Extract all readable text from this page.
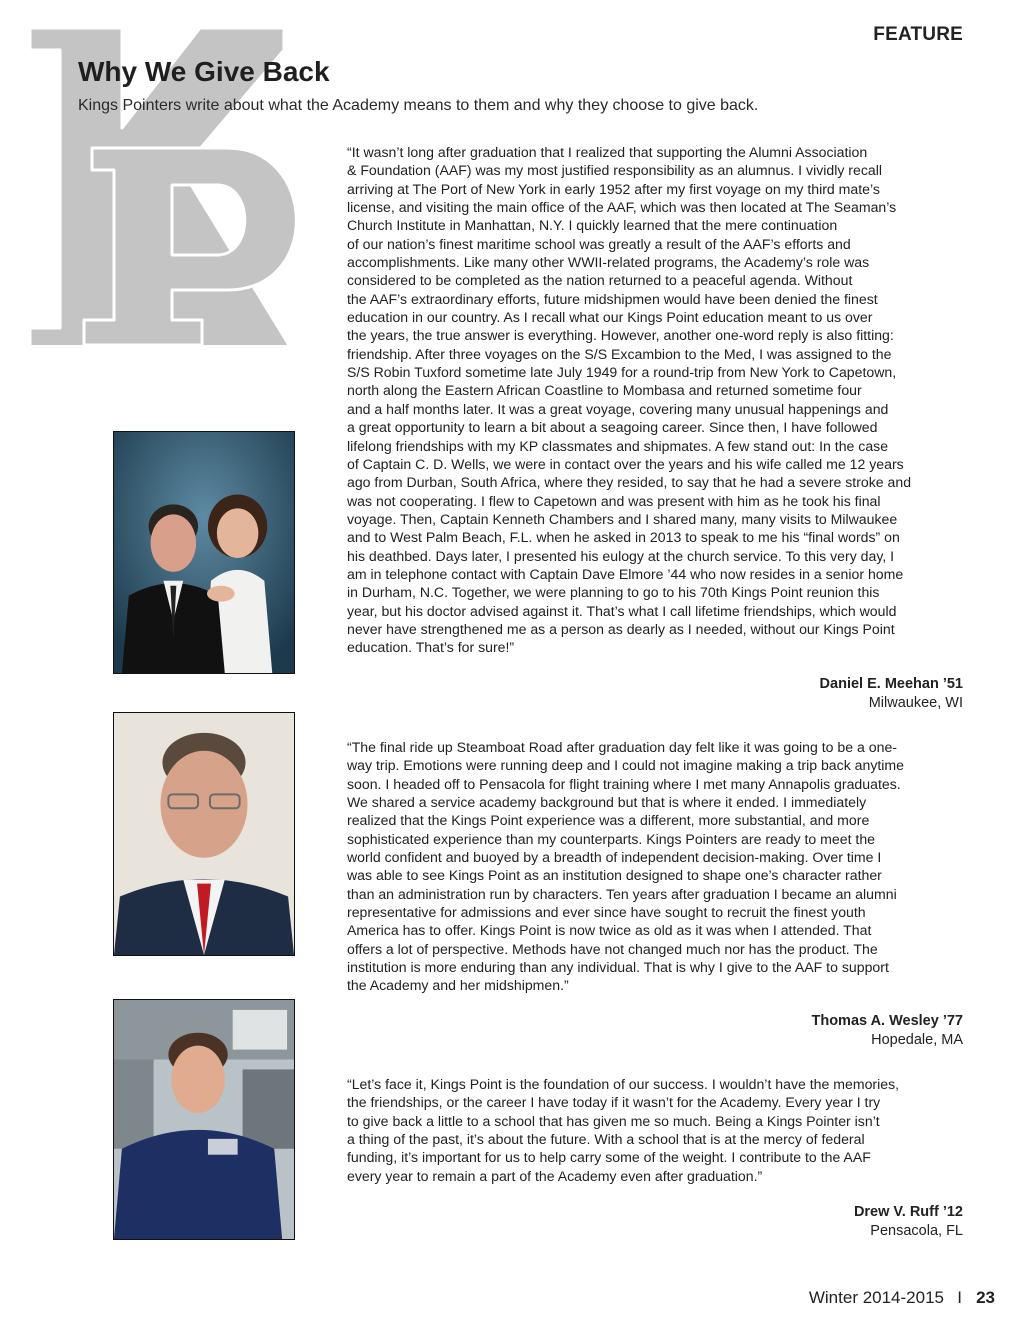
FEATURE
Why We Give Back

Kings Pointers write about what the Academy means to them and why they choose to give back.

“It wasn’t long after graduation that I realized that supporting the Alumni Association
& Foundation (AAF) was my most justified responsibility as an alumnus. I vividly recall
arriving at The Port of New York in early 1952 after my first voyage on my third mate’s
license, and visiting the main office of the AAF, which was then located at The Seaman’s
Church Institute in Manhattan, N.Y. I quickly learned that the mere continuation
of our nation’s finest maritime school was greatly a result of the AAF’s efforts and
accomplishments. Like many other WWII-related programs, the Academy’s role was
considered to be completed as the nation returned to a peaceful agenda. Without
the AAF’s extraordinary efforts, future midshipmen would have been denied the finest
education in our country. As I recall what our Kings Point education meant to us over
the years, the true answer is everything. However, another one-word reply is also fitting:
friendship. After three voyages on the S/S Excambion to the Med, I was assigned to the
S/S Robin Tuxford sometime late July 1949 for a round-trip from New York to Capetown,
north along the Eastern African Coastline to Mombasa and returned sometime four
and a half months later. It was a great voyage, covering many unusual happenings and
a great opportunity to learn a bit about a seagoing career. Since then, I have followed
lifelong friendships with my KP classmates and shipmates. A few stand out: In the case
of Captain C. D. Wells, we were in contact over the years and his wife called me 12 years
ago from Durban, South Africa, where they resided, to say that he had a severe stroke and
was not cooperating. I flew to Capetown and was present with him as he took his final
voyage. Then, Captain Kenneth Chambers and I shared many, many visits to Milwaukee
and to West Palm Beach, F.L. when he asked in 2013 to speak to me his “final words” on
his deathbed. Days later, I presented his eulogy at the church service. To this very day, I
am in telephone contact with Captain Dave Elmore ’44 who now resides in a senior home
in Durham, N.C. Together, we were planning to go to his 70th Kings Point reunion this
year, but his doctor advised against it. That’s what I call lifetime friendships, which would
never have strengthened me as a person as dearly as I needed, without our Kings Point
education. That’s for sure!”

Daniel E. Meehan ’51
Milwaukee, WI

“The final ride up Steamboat Road after graduation day felt like it was going to be a one-
way trip. Emotions were running deep and I could not imagine making a trip back anytime
soon. I headed off to Pensacola for flight training where I met many Annapolis graduates.
We shared a service academy background but that is where it ended. I immediately
realized that the Kings Point experience was a different, more substantial, and more
sophisticated experience than my counterparts. Kings Pointers are ready to meet the
world confident and buoyed by a breadth of independent decision-making. Over time I
was able to see Kings Point as an institution designed to shape one’s character rather
than an administration run by characters. Ten years after graduation I became an alumni
representative for admissions and ever since have sought to recruit the finest youth
America has to offer. Kings Point is now twice as old as it was when I attended. That
offers a lot of perspective. Methods have not changed much nor has the product. The
institution is more enduring than any individual. That is why I give to the AAF to support
the Academy and her midshipmen.”

Thomas A. Wesley ’77
Hopedale, MA

“Let’s face it, Kings Point is the foundation of our success. I wouldn’t have the memories,
the friendships, or the career I have today if it wasn’t for the Academy. Every year I try
to give back a little to a school that has given me so much. Being a Kings Pointer isn’t
a thing of the past, it’s about the future. With a school that is at the mercy of federal
funding, it’s important for us to help carry some of the weight. I contribute to the AAF
every year to remain a part of the Academy even after graduation.”

Drew V. Ruff ’12
Pensacola, FL
Winter 2014-2015 I 23
